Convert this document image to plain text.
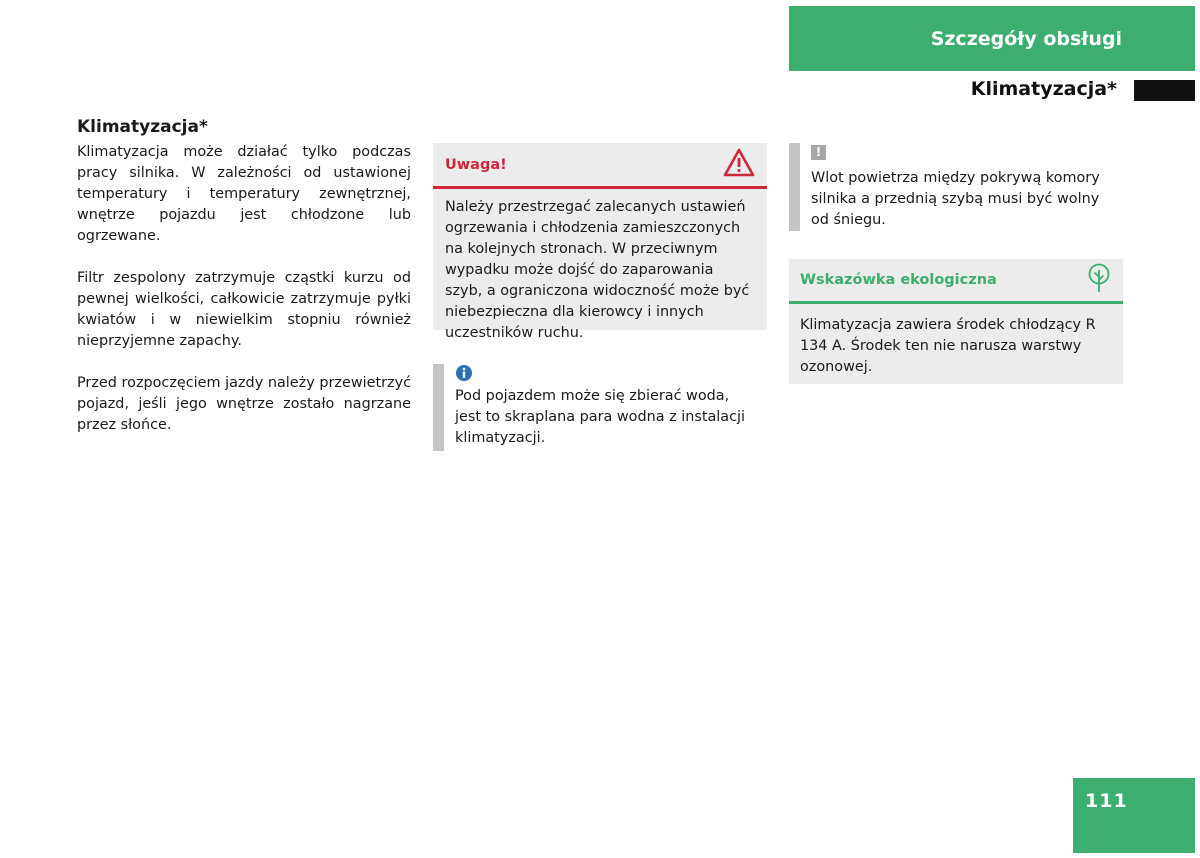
Szczegóły obsługi
Klimatyzacja*
Klimatyzacja*

Klimatyzacja może działać tylko podczas pracy silnika. W zależności od ustawionej temperatury i temperatury zewnętrznej, wnętrze pojazdu jest chłodzone lub ogrzewane.

Filtr zespolony zatrzymuje cząstki kurzu od pewnej wielkości, całkowicie zatrzymuje pyłki kwiatów i w niewielkim stopniu również nieprzyjemne zapachy.

Przed rozpoczęciem jazdy należy przewietrzyć pojazd, jeśli jego wnętrze zostało nagrzane przez słońce.

Uwaga!
Należy przestrzegać zalecanych ustawień ogrzewania i chłodzenia zamieszczonych na kolejnych stronach. W przeciwnym wypadku może dojść do zaparowania szyb, a ograniczona widoczność może być niebezpieczna dla kierowcy i innych uczestników ruchu.
Pod pojazdem może się zbierać woda, jest to skraplana para wodna z instalacji klimatyzacji.
!
Wlot powietrza między pokrywą komory silnika a przednią szybą musi być wolny od śniegu.
Wskazówka ekologiczna
Klimatyzacja zawiera środek chłodzący R 134 A. Środek ten nie narusza warstwy ozonowej.
111
